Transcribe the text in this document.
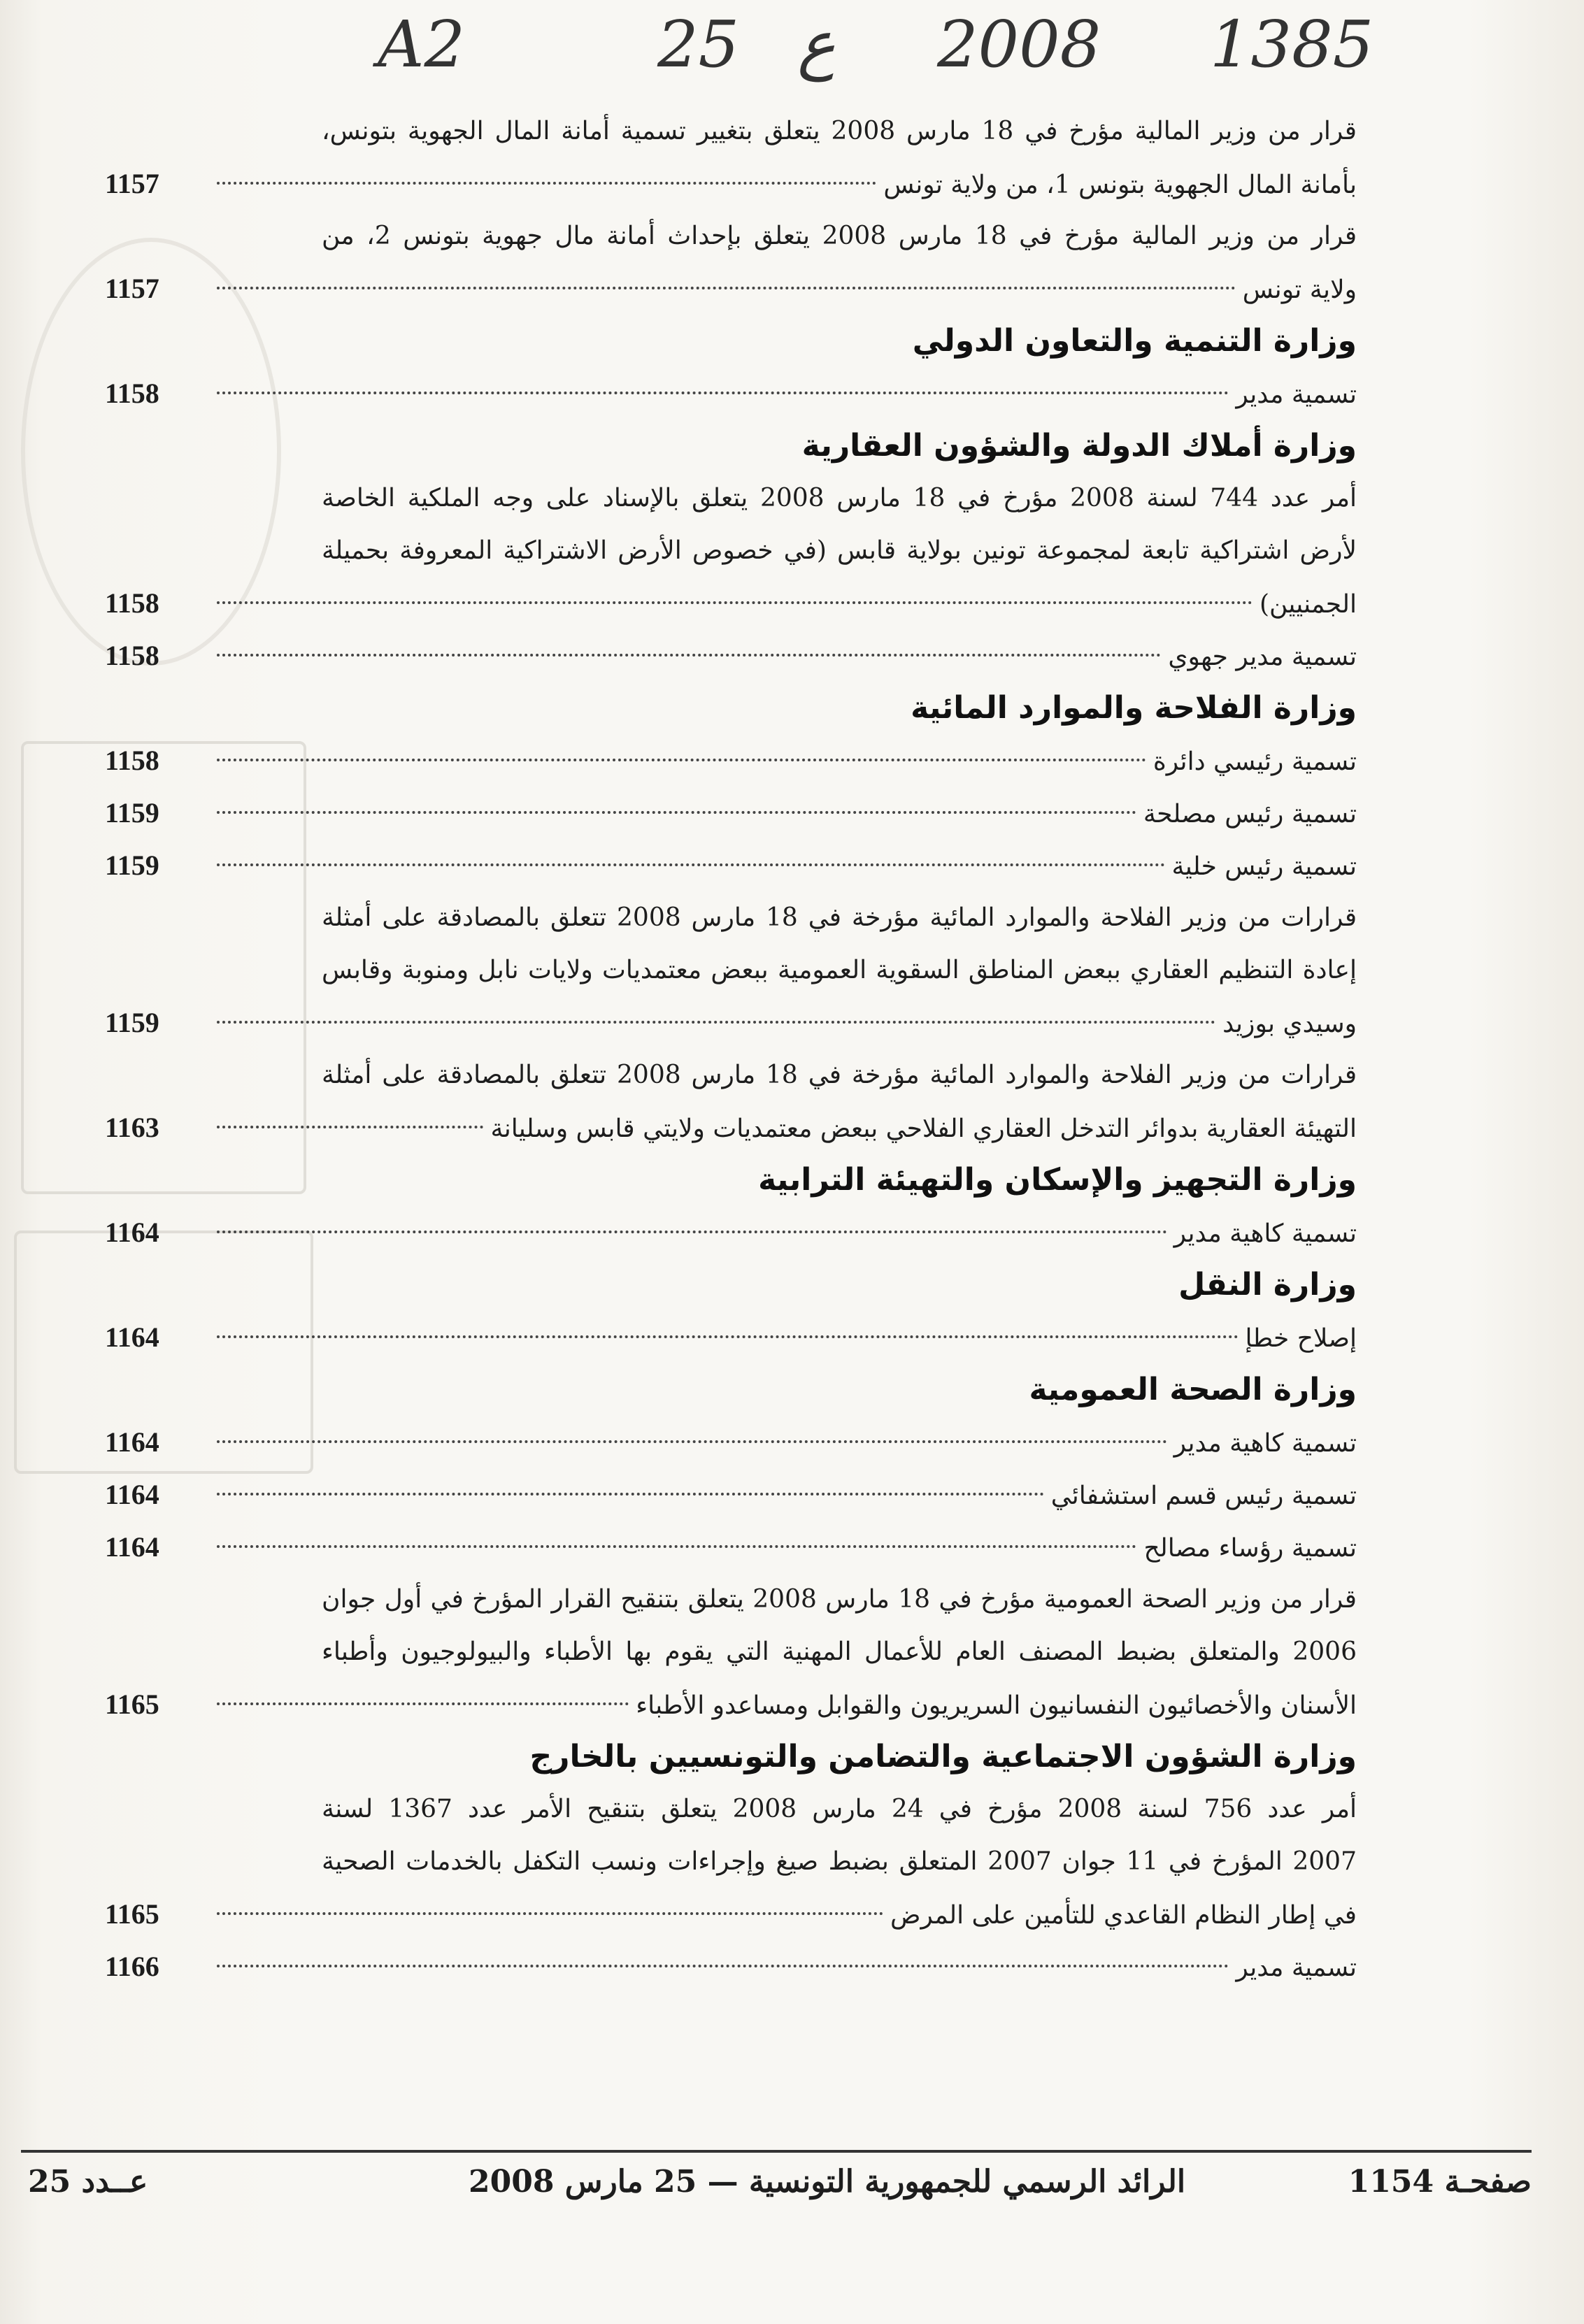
A2	25 ع 2008 1385
قرار من وزير المالية مؤرخ في 18 مارس 2008 يتعلق بتغيير تسمية أمانة المال الجهوية بتونس،
بأمانة المال الجهوية بتونس 1، من ولاية تونس
1157
قرار من وزير المالية مؤرخ في 18 مارس 2008 يتعلق بإحداث أمانة مال جهوية بتونس 2، من
ولاية تونس
1157
وزارة التنمية والتعاون الدولي
تسمية مدير
1158
وزارة أملاك الدولة والشؤون العقارية
أمر عدد 744 لسنة 2008 مؤرخ في 18 مارس 2008 يتعلق بالإسناد على وجه الملكية الخاصة
لأرض اشتراكية تابعة لمجموعة تونين بولاية قابس (في خصوص الأرض الاشتراكية المعروفة بحميلة
الجمنيين)
1158
تسمية مدير جهوي
1158
وزارة الفلاحة والموارد المائية
تسمية رئيسي دائرة
1158
تسمية رئيس مصلحة
1159
تسمية رئيس خلية
1159
قرارات من وزير الفلاحة والموارد المائية مؤرخة في 18 مارس 2008 تتعلق بالمصادقة على أمثلة
إعادة التنظيم العقاري ببعض المناطق السقوية العمومية ببعض معتمديات ولايات نابل ومنوبة وقابس
وسيدي بوزيد
1159
قرارات من وزير الفلاحة والموارد المائية مؤرخة في 18 مارس 2008 تتعلق بالمصادقة على أمثلة
التهيئة العقارية بدوائر التدخل العقاري الفلاحي ببعض معتمديات ولايتي قابس وسليانة
1163
وزارة التجهيز والإسكان والتهيئة الترابية
تسمية كاهية مدير
1164
وزارة النقل
إصلاح خطإ
1164
وزارة الصحة العمومية
تسمية كاهية مدير
1164
تسمية رئيس قسم استشفائي
1164
تسمية رؤساء مصالح
1164
قرار من وزير الصحة العمومية مؤرخ في 18 مارس 2008 يتعلق بتنقيح القرار المؤرخ في أول جوان
2006 والمتعلق بضبط المصنف العام للأعمال المهنية التي يقوم بها الأطباء والبيولوجيون وأطباء
الأسنان والأخصائيون النفسانيون السريريون والقوابل ومساعدو الأطباء
1165
وزارة الشؤون الاجتماعية والتضامن والتونسيين بالخارج
أمر عدد 756 لسنة 2008 مؤرخ في 24 مارس 2008 يتعلق بتنقيح الأمر عدد 1367 لسنة
2007 المؤرخ في 11 جوان 2007 المتعلق بضبط صيغ وإجراءات ونسب التكفل بالخدمات الصحية
في إطار النظام القاعدي للتأمين على المرض
1165
تسمية مدير
1166
صفحـة 1154
الرائد الرسمي للجمهورية التونسية — 25 مارس 2008
عــدد 25
